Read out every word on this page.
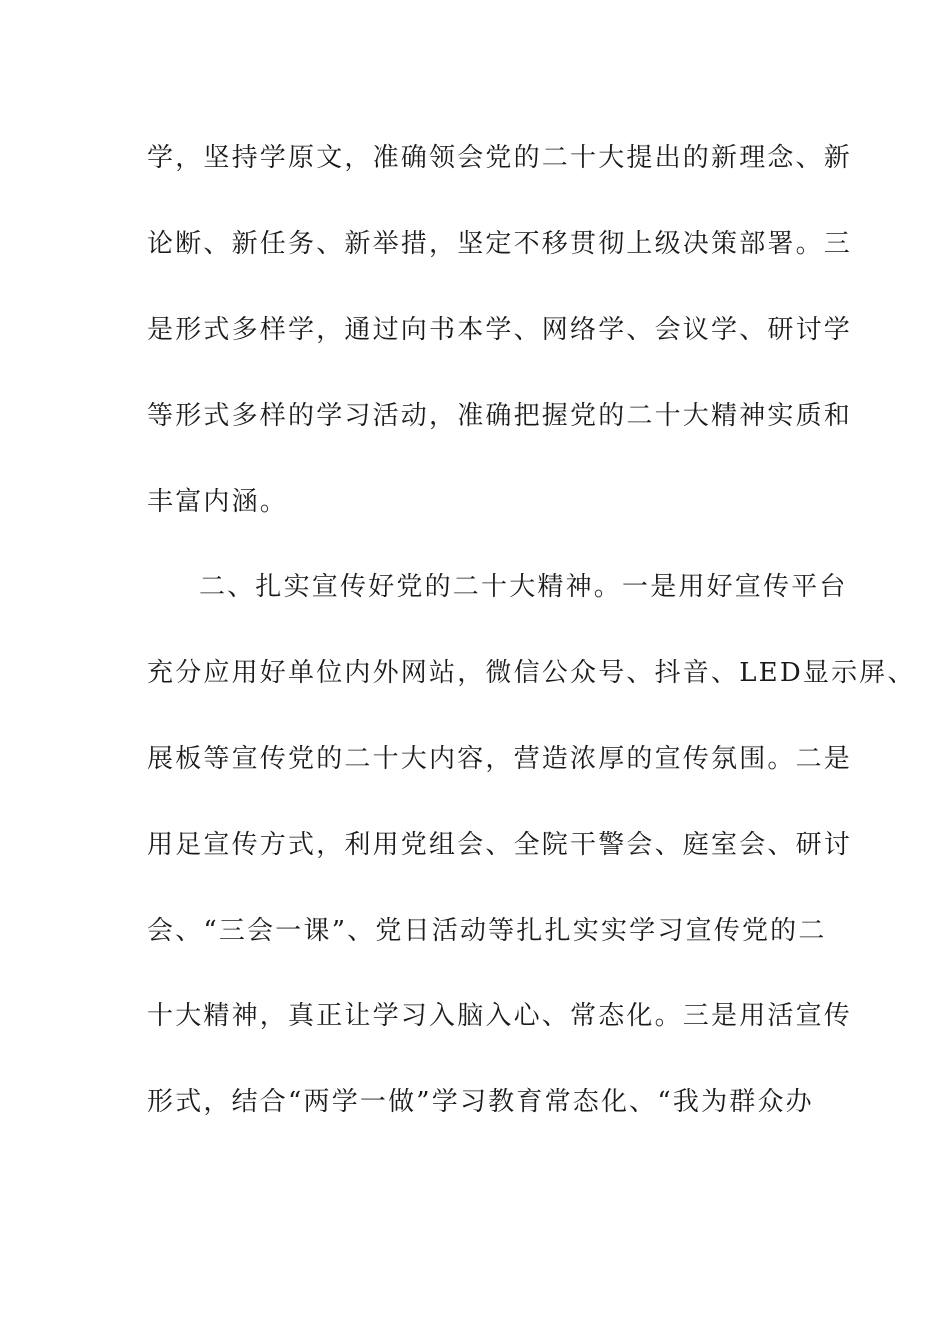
学，坚持学原文，准确领会党的二十大提出的新理念、新
论断、新任务、新举措，坚定不移贯彻上级决策部署。三
是形式多样学，通过向书本学、网络学、会议学、研讨学
等形式多样的学习活动，准确把握党的二十大精神实质和
丰富内涵。
二、扎实宣传好党的二十大精神。一是用好宣传平台
充分应用好单位内外网站，微信公众号、抖音、LED显示屏、
展板等宣传党的二十大内容，营造浓厚的宣传氛围。二是
用足宣传方式，利用党组会、全院干警会、庭室会、研讨
会、“三会一课”、党日活动等扎扎实实学习宣传党的二
十大精神，真正让学习入脑入心、常态化。三是用活宣传
形式，结合“两学一做”学习教育常态化、“我为群众办
